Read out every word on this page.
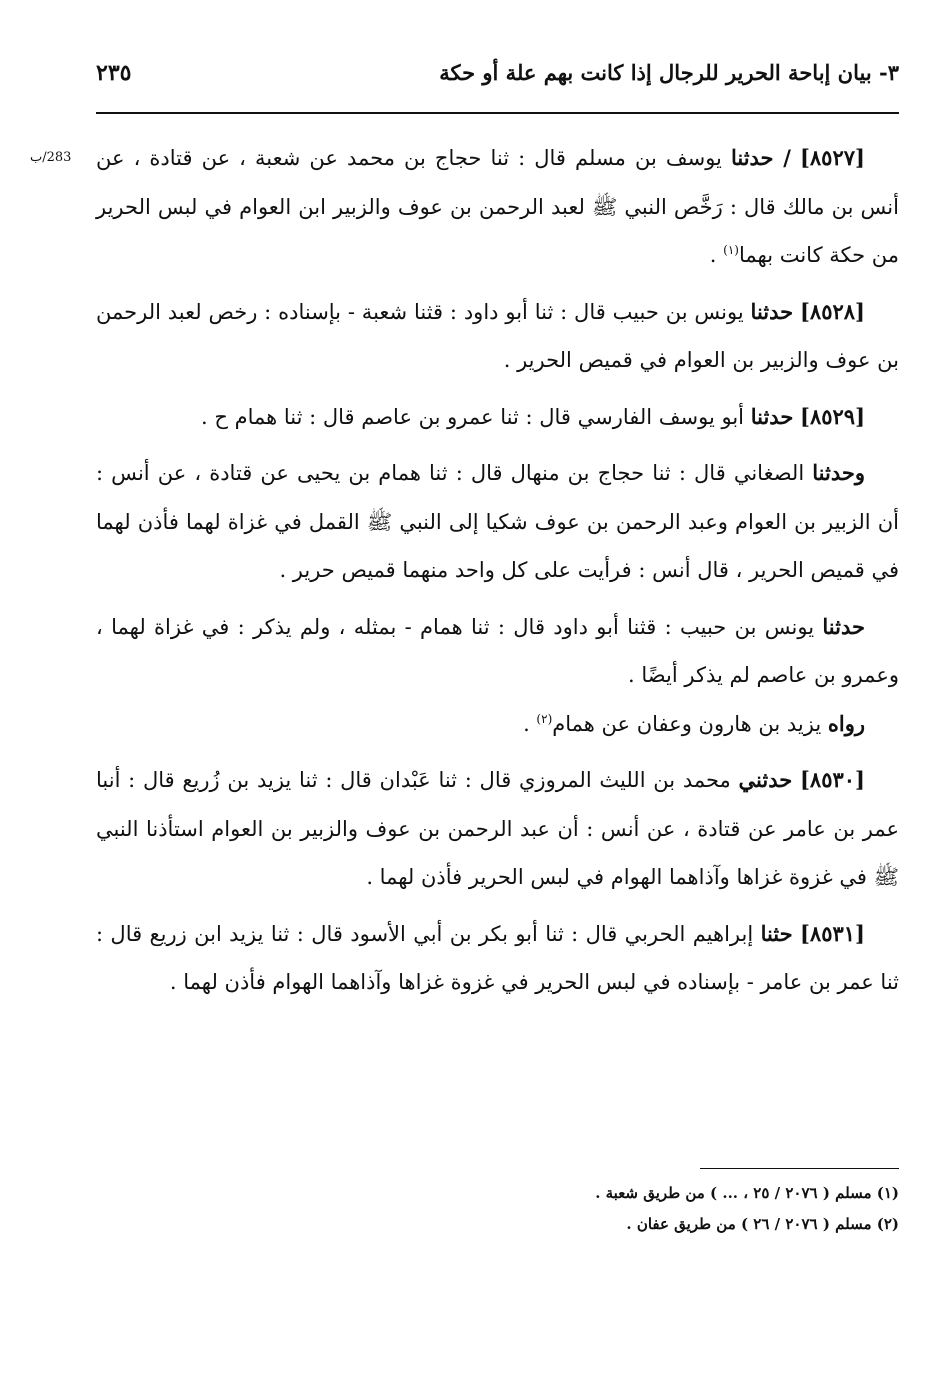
٣- بيان إباحة الحرير للرجال إذا كانت بهم علة أو حكة
٢٣٥
283/ب	[٨٥٢٧] / حدثنا يوسف بن مسلم قال : ثنا حجاج بن محمد عن شعبة ، عن قتادة ، عن أنس بن مالك قال : رَخَّص النبي ﷺ لعبد الرحمن بن عوف والزبير ابن العوام في لبس الحرير من حكة كانت بهما$^{(١)}$ .

[٨٥٢٨] حدثنا يونس بن حبيب قال : ثنا أبو داود : قثنا شعبة - بإسناده : رخص لعبد الرحمن بن عوف والزبير بن العوام في قميص الحرير .

[٨٥٢٩] حدثنا أبو يوسف الفارسي قال : ثنا عمرو بن عاصم قال : ثنا همام ح .

وحدثنا الصغاني قال : ثنا حجاج بن منهال قال : ثنا همام بن يحيى عن قتادة ، عن أنس : أن الزبير بن العوام وعبد الرحمن بن عوف شكيا إلى النبي ﷺ القمل في غزاة لهما فأذن لهما في قميص الحرير ، قال أنس : فرأيت على كل واحد منهما قميص حرير .

حدثنا يونس بن حبيب : قثنا أبو داود قال : ثنا همام - بمثله ، ولم يذكر : في غزاة لهما ، وعمرو بن عاصم لم يذكر أيضًا .

رواه يزيد بن هارون وعفان عن همام$^{(٢)}$ .

[٨٥٣٠] حدثني محمد بن الليث المروزي قال : ثنا عَبْدان قال : ثنا يزيد بن زُريع قال : أنبا عمر بن عامر عن قتادة ، عن أنس : أن عبد الرحمن بن عوف والزبير بن العوام استأذنا النبي ﷺ في غزوة غزاها وآذاهما الهوام في لبس الحرير فأذن لهما .

[٨٥٣١] حثنا إبراهيم الحربي قال : ثنا أبو بكر بن أبي الأسود قال : ثنا يزيد ابن زريع قال : ثنا عمر بن عامر - بإسناده في لبس الحرير في غزوة غزاها وآذاهما الهوام فأذن لهما .

(١) مسلم ( ٢٠٧٦ / ٢٥ ، ... ) من طريق شعبة .

(٢) مسلم ( ٢٠٧٦ / ٢٦ ) من طريق عفان .
